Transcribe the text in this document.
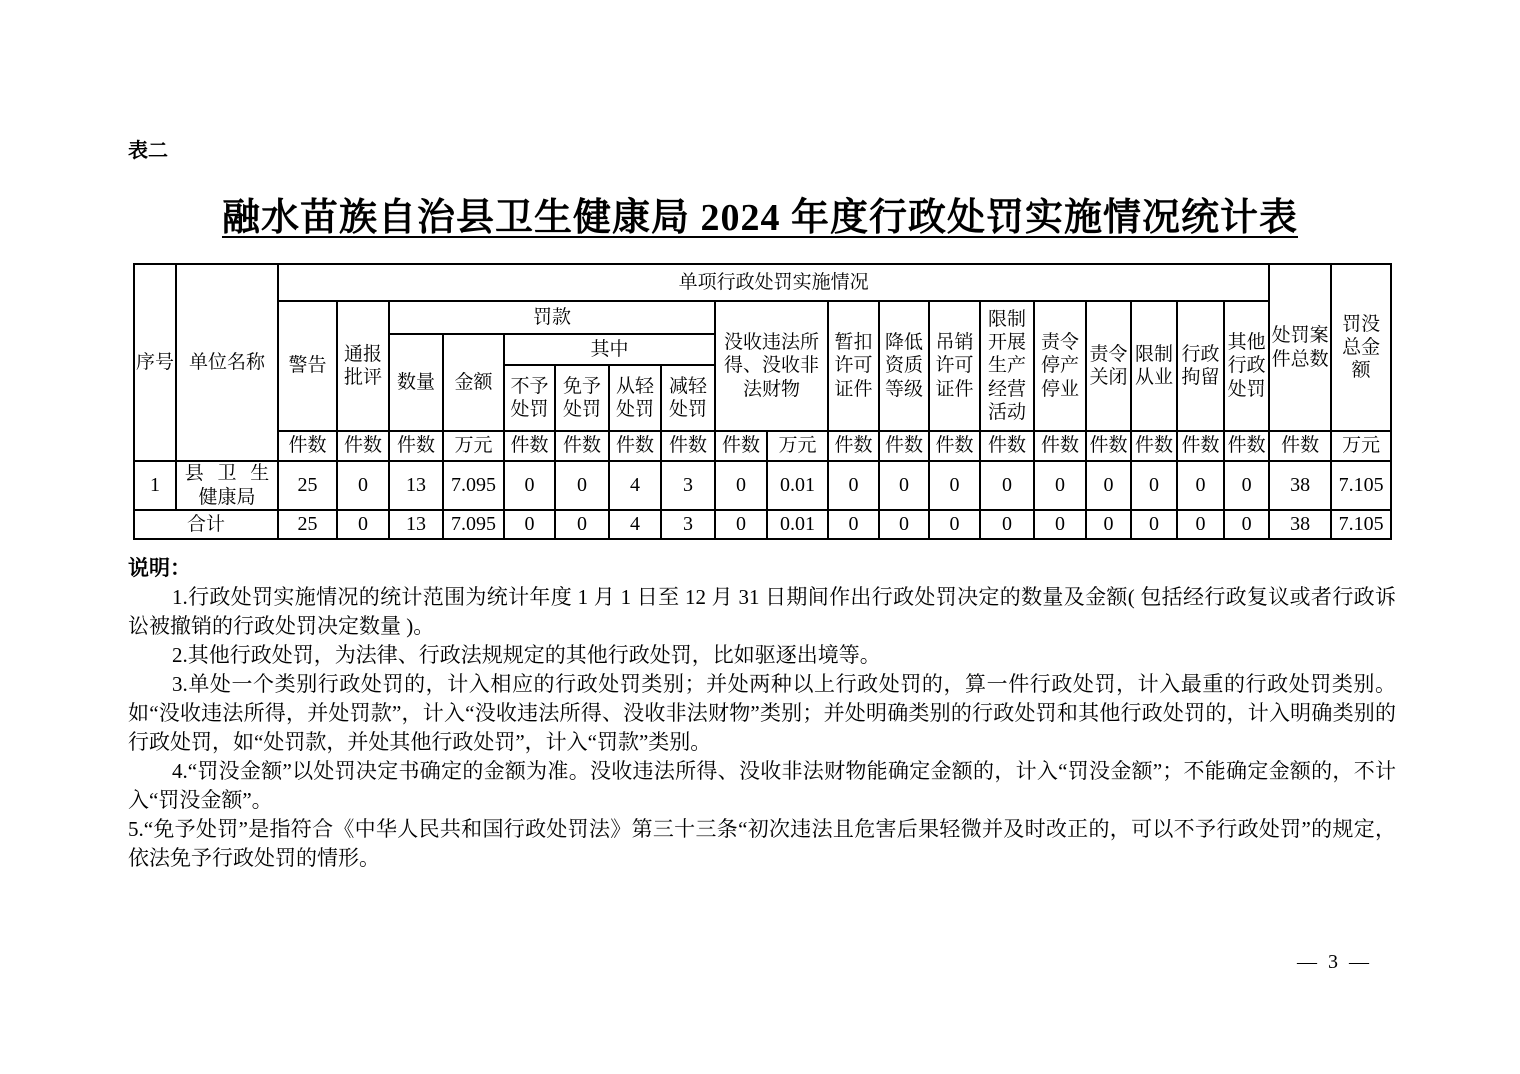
表二
融水苗族自治县卫生健康局 2024 年度行政处罚实施情况统计表
序号	单位名称	单项行政处罚实施情况																			处罚案件总数	罚没总金额
		警告	通报批评	罚款						没收违法所得、没收非法财物		暂扣许可证件	降低资质等级	吊销许可证件	限制开展生产经营活动	责令停产停业	责令关闭	限制从业	行政拘留	其他行政处罚		
				数量	金额	其中																
						不予处罚	免予处罚	从轻处罚	减轻处罚													
		件数	件数	件数	万元	件数	件数	件数	件数	件数	万元	件数	件数	件数	件数	件数	件数	件数	件数	件数	件数	万元
1	县 卫 生
健康局	25	0	13	7.095	0	0	4	3	0	0.01	0	0	0	0	0	0	0	0	0	38	7.105
合计		25	0	13	7.095	0	0	4	3	0	0.01	0	0	0	0	0	0	0	0	0	38	7.105
说明：

1.行政处罚实施情况的统计范围为统计年度 1 月 1 日至 12 月 31 日期间作出行政处罚决定的数量及金额( 包括经行政复议或者行政诉讼被撤销的行政处罚决定数量 )。

2.其他行政处罚，为法律、行政法规规定的其他行政处罚，比如驱逐出境等。

3.单处一个类别行政处罚的，计入相应的行政处罚类别；并处两种以上行政处罚的，算一件行政处罚，计入最重的行政处罚类别。如“没收违法所得，并处罚款”，计入“没收违法所得、没收非法财物”类别；并处明确类别的行政处罚和其他行政处罚的，计入明确类别的行政处罚，如“处罚款，并处其他行政处罚”，计入“罚款”类别。

4.“罚没金额”以处罚决定书确定的金额为准。没收违法所得、没收非法财物能确定金额的，计入“罚没金额”；不能确定金额的，不计入“罚没金额”。

5.“免予处罚”是指符合《中华人民共和国行政处罚法》第三十三条“初次违法且危害后果轻微并及时改正的，可以不予行政处罚”的规定，依法免予行政处罚的情形。

— 3 —
